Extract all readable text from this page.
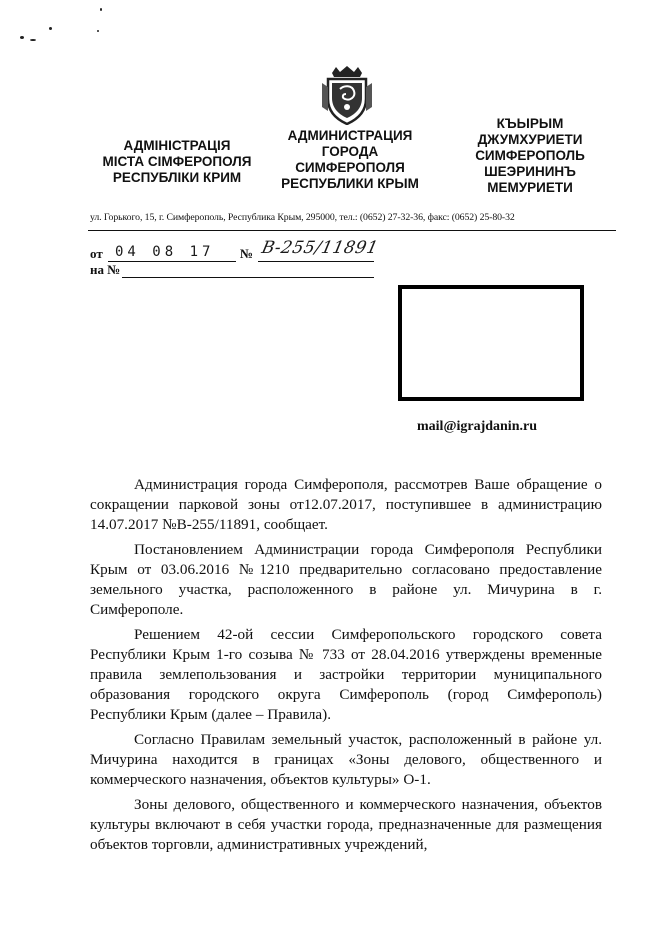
АДМІНІСТРАЦІЯ
МІСТА СІМФЕРОПОЛЯ
РЕСПУБЛІКИ КРИМ
АДМИНИСТРАЦИЯ
ГОРОДА
СИМФЕРОПОЛЯ
РЕСПУБЛИКИ КРЫМ
КЪЫРЫМ
ДЖУМХУРИЕТИ
СИМФЕРОПОЛЬ
ШЕЭРИНИНЪ
МЕМУРИЕТИ
ул. Горького, 15, г. Симферополь, Республика Крым, 295000, тел.: (0652) 27-32-36, факс: (0652) 25-80-32
от 04 08 17 № В-255/11891
на №
mail@igrajdanin.ru

Администрация города Симферополя, рассмотрев Ваше обращение о сокращении парковой зоны от12.07.2017, поступившее в администрацию 14.07.2017 №В-255/11891, сообщает.

Постановлением Администрации города Симферополя Республики Крым от 03.06.2016 №1210 предварительно согласовано предоставление земельного участка, расположенного в районе ул. Мичурина в г. Симферополе.

Решением 42-ой сессии Симферопольского городского совета Республики Крым 1-го созыва № 733 от 28.04.2016 утверждены временные правила землепользования и застройки территории муниципального образования городского округа Симферополь (город Симферополь) Республики Крым (далее – Правила).

Согласно Правилам земельный участок, расположенный в районе ул. Мичурина находится в границах «Зоны делового, общественного и коммерческого назначения, объектов культуры» О-1.

Зоны делового, общественного и коммерческого назначения, объектов культуры включают в себя участки города, предназначенные для размещения объектов торговли, административных учреждений,
